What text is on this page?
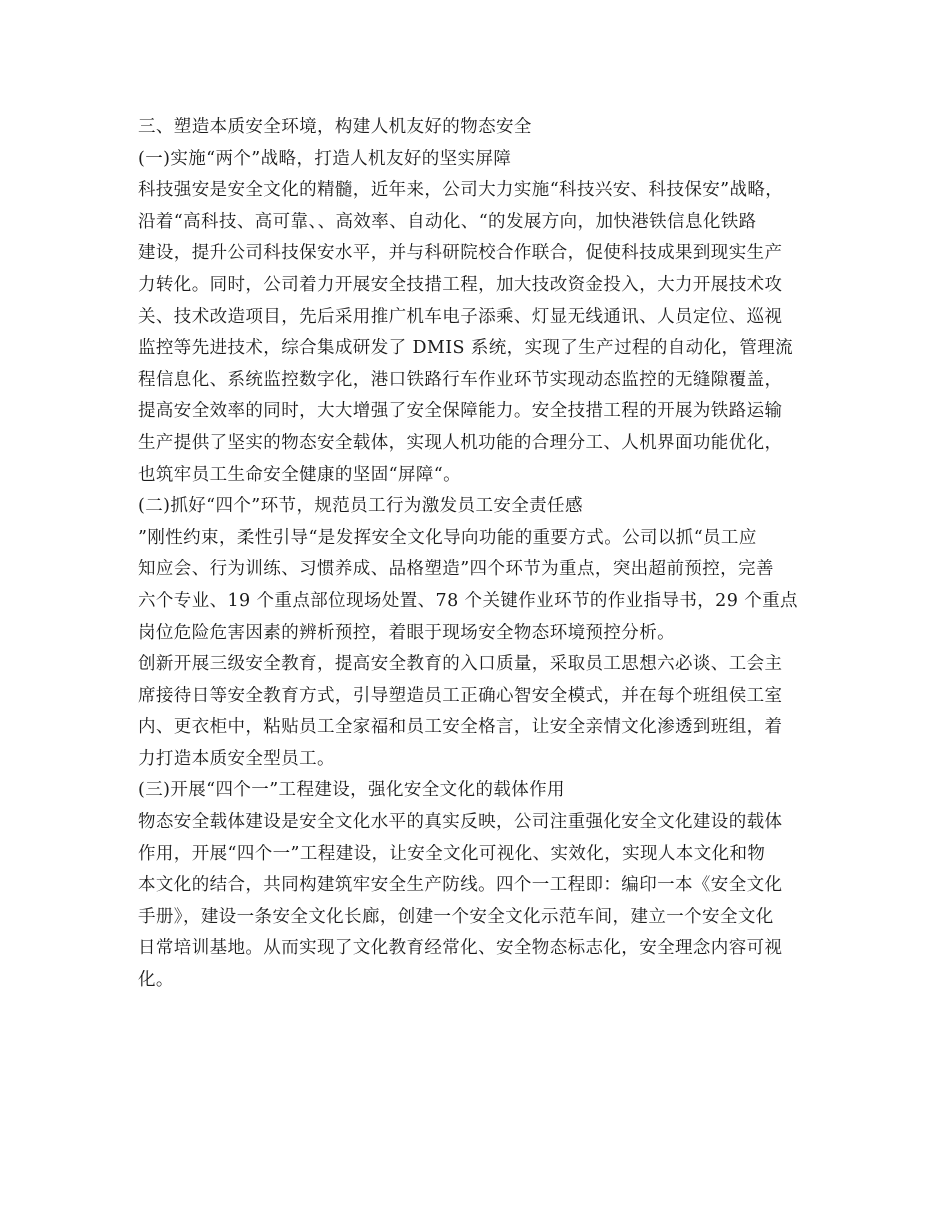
三、塑造本质安全环境，构建人机友好的物态安全
(一)实施“两个”战略，打造人机友好的坚实屏障
科技强安是安全文化的精髓，近年来，公司大力实施“科技兴安、科技保安”战略，
沿着“高科技、高可靠、、高效率、自动化、“的发展方向，加快港铁信息化铁路
建设，提升公司科技保安水平，并与科研院校合作联合，促使科技成果到现实生产
力转化。同时，公司着力开展安全技措工程，加大技改资金投入，大力开展技术攻
关、技术改造项目，先后采用推广机车电子添乘、灯显无线通讯、人员定位、巡视
监控等先进技术，综合集成研发了 DMIS 系统，实现了生产过程的自动化，管理流
程信息化、系统监控数字化，港口铁路行车作业环节实现动态监控的无缝隙覆盖，
提高安全效率的同时，大大增强了安全保障能力。安全技措工程的开展为铁路运输
生产提供了坚实的物态安全载体，实现人机功能的合理分工、人机界面功能优化，
也筑牢员工生命安全健康的坚固“屏障“。
(二)抓好“四个”环节，规范员工行为激发员工安全责任感
”刚性约束，柔性引导“是发挥安全文化导向功能的重要方式。公司以抓“员工应
知应会、行为训练、习惯养成、品格塑造”四个环节为重点，突出超前预控，完善
六个专业、19 个重点部位现场处置、78 个关键作业环节的作业指导书，29 个重点
岗位危险危害因素的辨析预控，着眼于现场安全物态环境预控分析。
创新开展三级安全教育，提高安全教育的入口质量，采取员工思想六必谈、工会主
席接待日等安全教育方式，引导塑造员工正确心智安全模式，并在每个班组侯工室
内、更衣柜中，粘贴员工全家福和员工安全格言，让安全亲情文化渗透到班组，着
力打造本质安全型员工。
(三)开展“四个一”工程建设，强化安全文化的载体作用
物态安全载体建设是安全文化水平的真实反映，公司注重强化安全文化建设的载体
作用，开展“四个一”工程建设，让安全文化可视化、实效化，实现人本文化和物
本文化的结合，共同构建筑牢安全生产防线。四个一工程即：编印一本《安全文化
手册》，建设一条安全文化长廊，创建一个安全文化示范车间，建立一个安全文化
日常培训基地。从而实现了文化教育经常化、安全物态标志化，安全理念内容可视
化。
